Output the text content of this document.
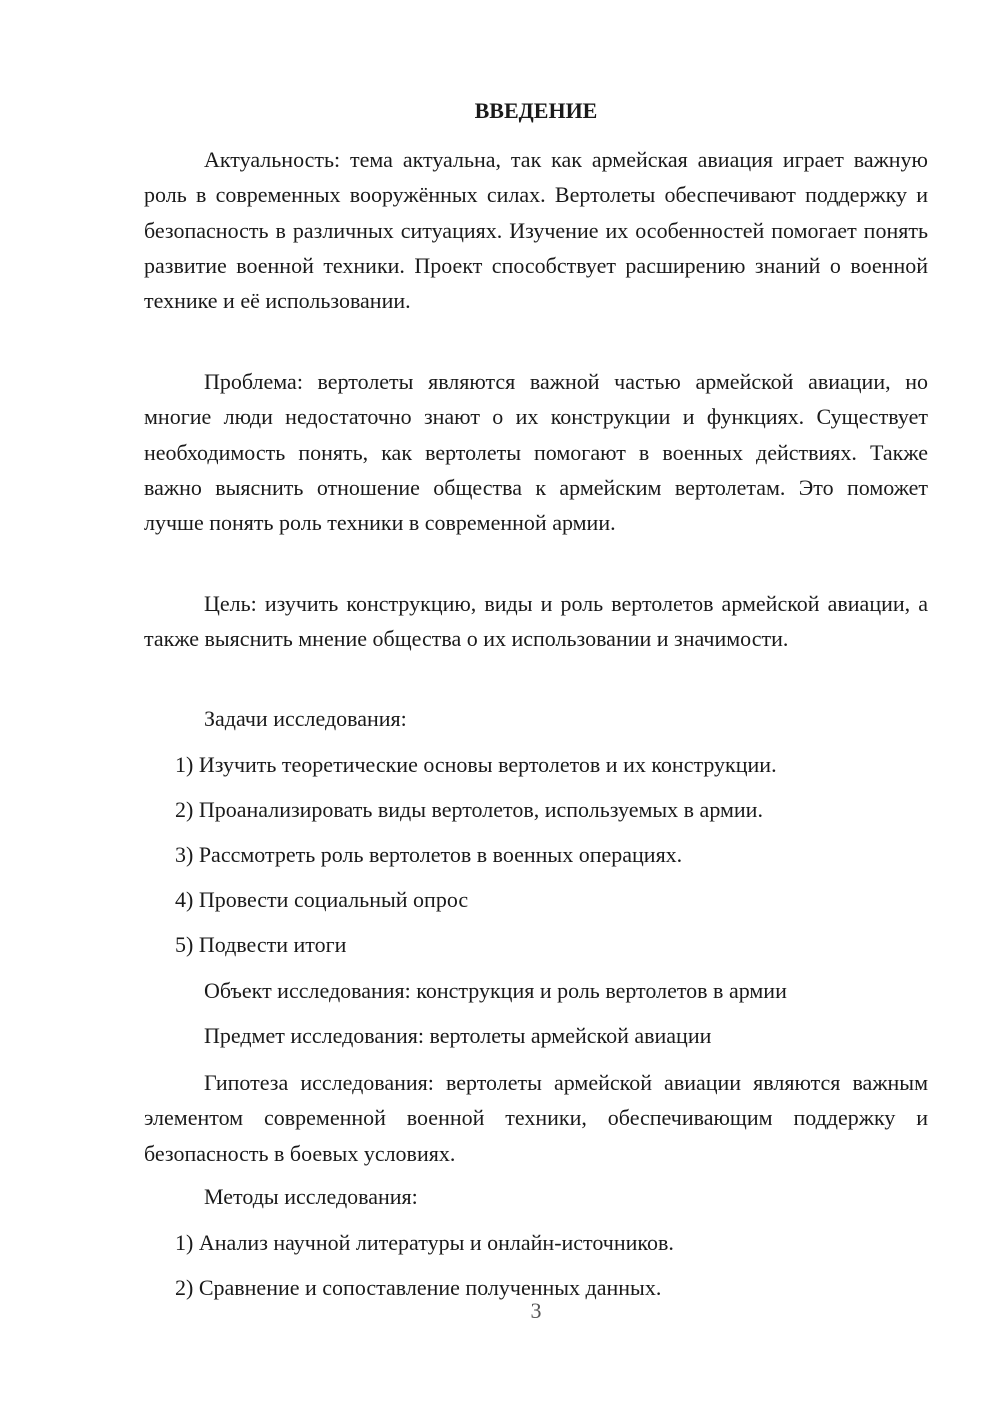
ВВЕДЕНИЕ

Актуальность: тема актуальна, так как армейская авиация играет важную роль в современных вооружённых силах. Вертолеты обеспечивают поддержку и безопасность в различных ситуациях. Изучение их особенностей помогает понять развитие военной техники. Проект способствует расширению знаний о военной технике и её использовании.

Проблема: вертолеты являются важной частью армейской авиации, но многие люди недостаточно знают о их конструкции и функциях. Существует необходимость понять, как вертолеты помогают в военных действиях. Также важно выяснить отношение общества к армейским вертолетам. Это поможет лучше понять роль техники в современной армии.

Цель: изучить конструкцию, виды и роль вертолетов армейской авиации, а также выяснить мнение общества о их использовании и значимости.

Задачи исследования:

1) Изучить теоретические основы вертолетов и их конструкции.

2) Проанализировать виды вертолетов, используемых в армии.

3) Рассмотреть роль вертолетов в военных операциях.

4) Провести социальный опрос

5) Подвести итоги

Объект исследования: конструкция и роль вертолетов в армии

Предмет исследования: вертолеты армейской авиации

Гипотеза исследования: вертолеты армейской авиации являются важным элементом современной военной техники, обеспечивающим поддержку и безопасность в боевых условиях.

Методы исследования:

1) Анализ научной литературы и онлайн-источников.

2) Сравнение и сопоставление полученных данных.

3
